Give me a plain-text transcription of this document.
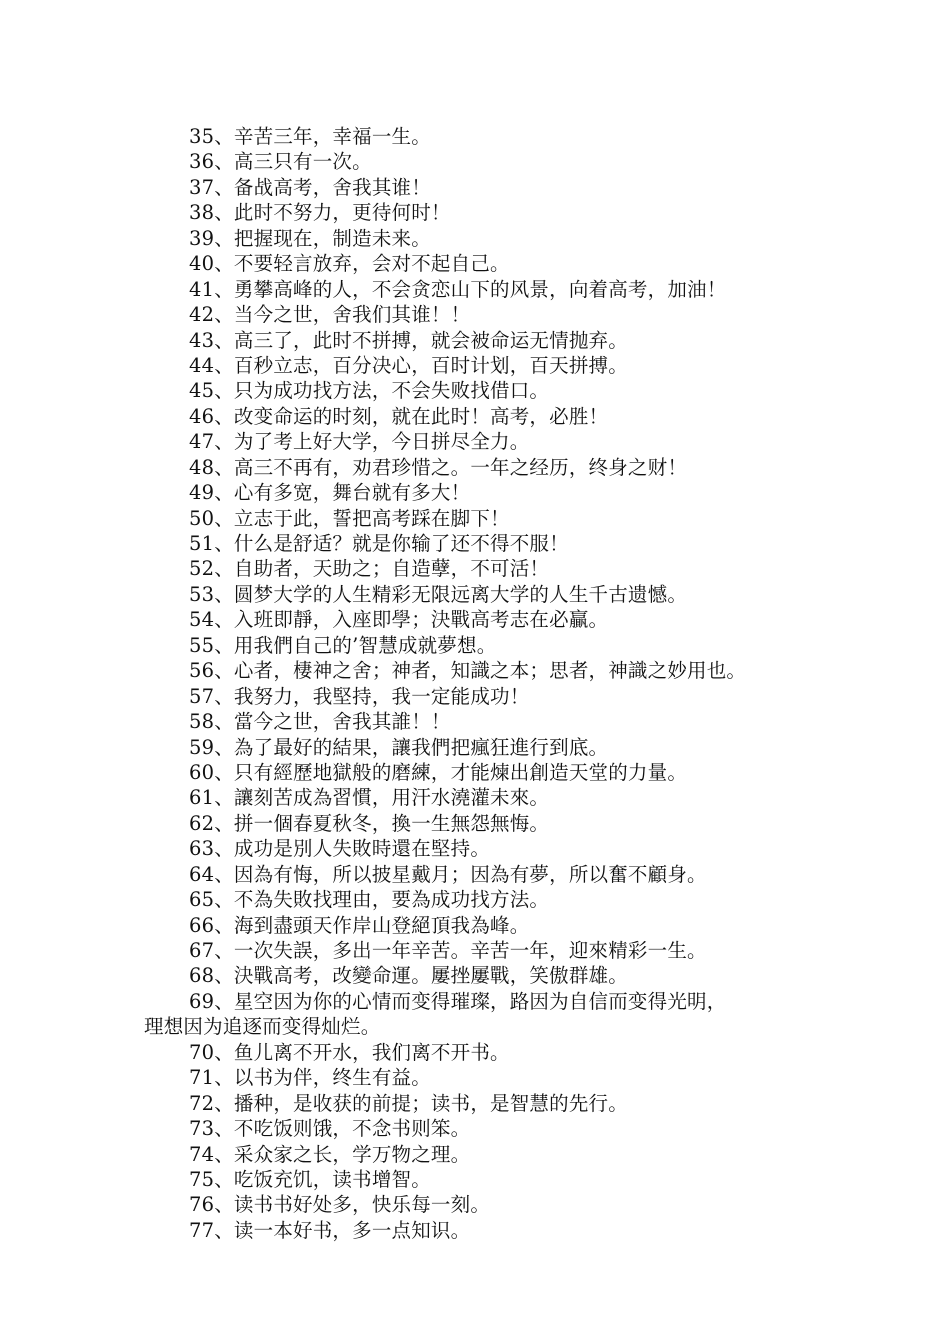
35、辛苦三年，幸福一生。
36、高三只有一次。
37、备战高考，舍我其谁！
38、此时不努力，更待何时！
39、把握现在，制造未来。
40、不要轻言放弃，会对不起自己。
41、勇攀高峰的人，不会贪恋山下的风景，向着高考，加油！
42、当今之世，舍我们其谁！！
43、高三了，此时不拼搏，就会被命运无情抛弃。
44、百秒立志，百分决心，百时计划，百天拼搏。
45、只为成功找方法，不会失败找借口。
46、改变命运的时刻，就在此时！高考，必胜！
47、为了考上好大学，今日拼尽全力。
48、高三不再有，劝君珍惜之。一年之经历，终身之财！
49、心有多宽，舞台就有多大！
50、立志于此，誓把高考踩在脚下！
51、什么是舒适？就是你输了还不得不服！
52、自助者，天助之；自造孽，不可活！
53、圆梦大学的人生精彩无限远离大学的人生千古遗憾。
54、入班即靜，入座即學；決戰高考志在必贏。
55、用我們自己的’智慧成就夢想。
56、心者，棲神之舍；神者，知識之本；思者，神識之妙用也。
57、我努力，我堅持，我一定能成功！
58、當今之世，舍我其誰！！
59、為了最好的結果，讓我們把瘋狂進行到底。
60、只有經歷地獄般的磨練，才能煉出創造天堂的力量。
61、讓刻苦成為習慣，用汗水澆灌未來。
62、拼一個春夏秋冬，換一生無怨無悔。
63、成功是別人失敗時還在堅持。
64、因為有悔，所以披星戴月；因為有夢，所以奮不顧身。
65、不為失敗找理由，要為成功找方法。
66、海到盡頭天作岸山登絕頂我為峰。
67、一次失誤，多出一年辛苦。辛苦一年，迎來精彩一生。
68、決戰高考，改變命運。屢挫屢戰，笑傲群雄。
69、星空因为你的心情而变得璀璨，路因为自信而变得光明，
理想因为追逐而变得灿烂。
70、鱼儿离不开水，我们离不开书。
71、以书为伴，终生有益。
72、播种，是收获的前提；读书，是智慧的先行。
73、不吃饭则饿，不念书则笨。
74、采众家之长，学万物之理。
75、吃饭充饥，读书增智。
76、读书书好处多，快乐每一刻。
77、读一本好书，多一点知识。
